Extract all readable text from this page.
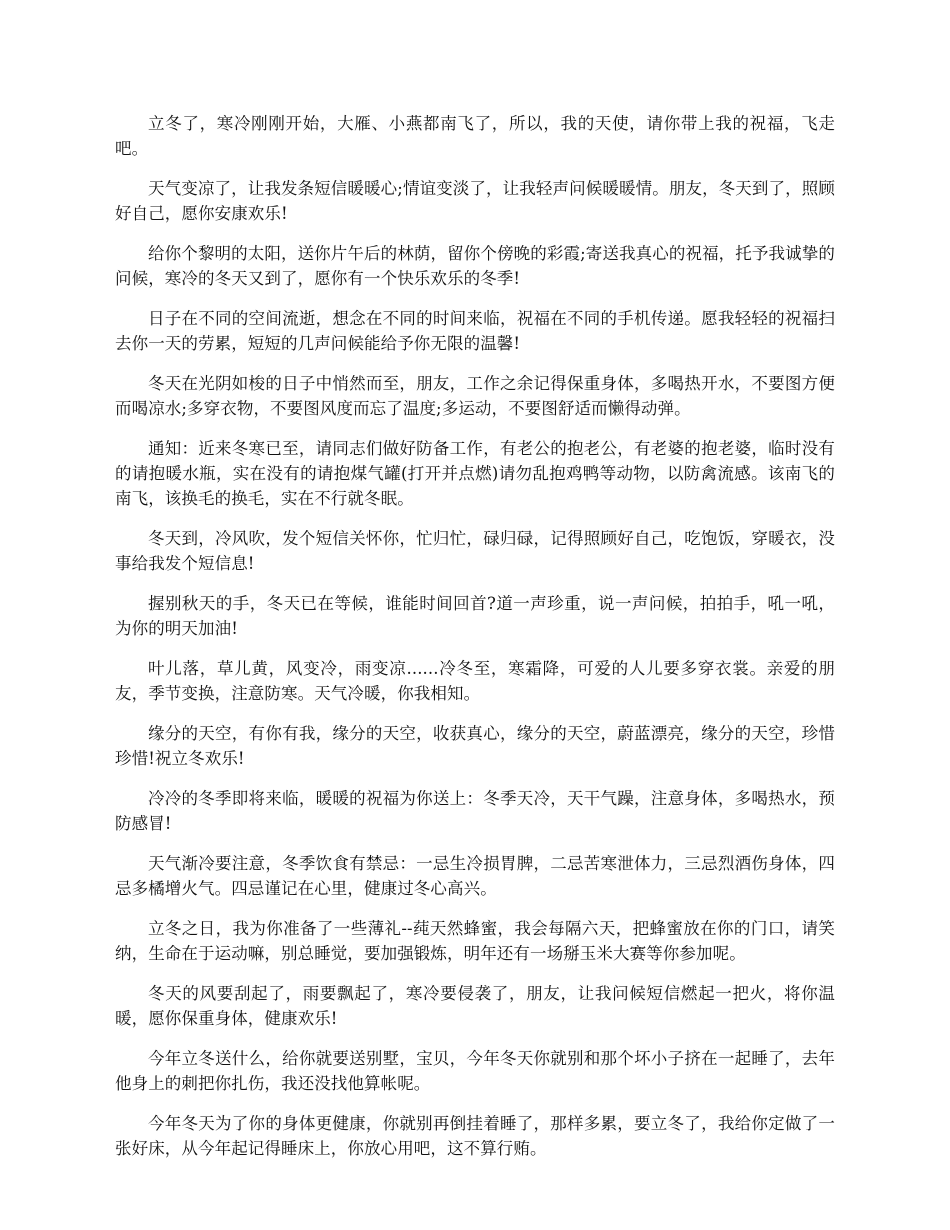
立冬了，寒冷刚刚开始，大雁、小燕都南飞了，所以，我的天使，请你带上我的祝福，飞走吧。

天气变凉了，让我发条短信暖暖心;情谊变淡了，让我轻声问候暖暖情。朋友，冬天到了，照顾好自己，愿你安康欢乐!

给你个黎明的太阳，送你片午后的林荫，留你个傍晚的彩霞;寄送我真心的祝福，托予我诚挚的问候，寒冷的冬天又到了，愿你有一个快乐欢乐的冬季!

日子在不同的空间流逝，想念在不同的时间来临，祝福在不同的手机传递。愿我轻轻的祝福扫去你一天的劳累，短短的几声问候能给予你无限的温馨!

冬天在光阴如梭的日子中悄然而至，朋友，工作之余记得保重身体，多喝热开水，不要图方便而喝凉水;多穿衣物，不要图风度而忘了温度;多运动，不要图舒适而懒得动弹。

通知：近来冬寒已至，请同志们做好防备工作，有老公的抱老公，有老婆的抱老婆，临时没有的请抱暖水瓶，实在没有的请抱煤气罐(打开并点燃)请勿乱抱鸡鸭等动物，以防禽流感。该南飞的南飞，该换毛的换毛，实在不行就冬眠。

冬天到，冷风吹，发个短信关怀你，忙归忙，碌归碌，记得照顾好自己，吃饱饭，穿暖衣，没事给我发个短信息!

握别秋天的手，冬天已在等候，谁能时间回首?道一声珍重，说一声问候，拍拍手，吼一吼，为你的明天加油!

叶儿落，草儿黄，风变冷，雨变凉......冷冬至，寒霜降，可爱的人儿要多穿衣裳。亲爱的朋友，季节变换，注意防寒。天气冷暖，你我相知。

缘分的天空，有你有我，缘分的天空，收获真心，缘分的天空，蔚蓝漂亮，缘分的天空，珍惜珍惜!祝立冬欢乐!

冷冷的冬季即将来临，暖暖的祝福为你送上：冬季天冷，天干气躁，注意身体，多喝热水，预防感冒!

天气渐冷要注意，冬季饮食有禁忌：一忌生冷损胃脾，二忌苦寒泄体力，三忌烈酒伤身体，四忌多橘增火气。四忌谨记在心里，健康过冬心高兴。

立冬之日，我为你准备了一些薄礼--莼天然蜂蜜，我会每隔六天，把蜂蜜放在你的门口，请笑纳，生命在于运动嘛，别总睡觉，要加强锻炼，明年还有一场掰玉米大赛等你参加呢。

冬天的风要刮起了，雨要飘起了，寒冷要侵袭了，朋友，让我问候短信燃起一把火，将你温暖，愿你保重身体，健康欢乐!

今年立冬送什么，给你就要送别墅，宝贝，今年冬天你就别和那个坏小子挤在一起睡了，去年他身上的刺把你扎伤，我还没找他算帐呢。

今年冬天为了你的身体更健康，你就别再倒挂着睡了，那样多累，要立冬了，我给你定做了一张好床，从今年起记得睡床上，你放心用吧，这不算行贿。
